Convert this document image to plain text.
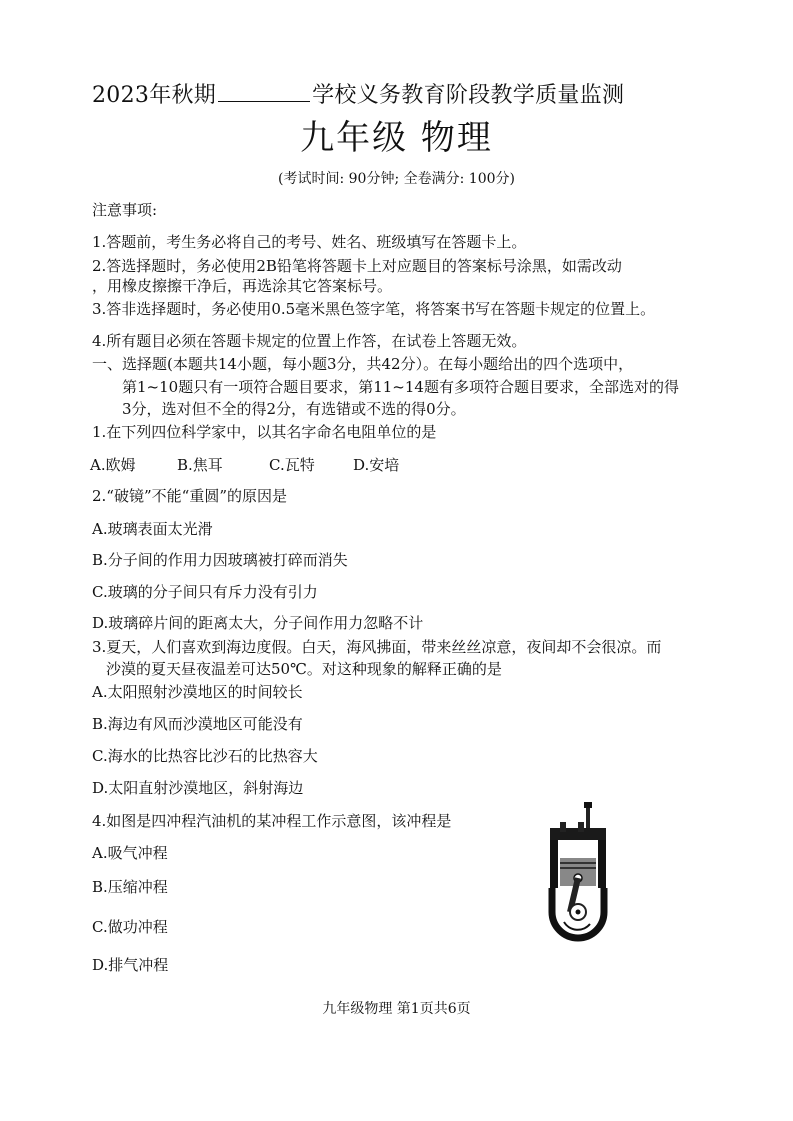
2023年秋期	学校义务教育阶段教学质量监测
九年级 物理
(考试时间: 90分钟; 全卷满分: 100分)
注意事项:
1.答题前，考生务必将自己的考号、姓名、班级填写在答题卡上。
2.答选择题时，务必使用2B铅笔将答题卡上对应题目的答案标号涂黑，如需改动
，用橡皮擦擦干净后，再选涂其它答案标号。
3.答非选择题时，务必使用0.5毫米黑色签字笔，将答案书写在答题卡规定的位置上。
4.所有题目必须在答题卡规定的位置上作答，在试卷上答题无效。
一、选择题(本题共14小题，每小题3分，共42分）。在每小题给出的四个选项中，
第1~10题只有一项符合题目要求，第11~14题有多项符合题目要求，全部选对的得
3分，选对但不全的得2分，有选错或不选的得0分。
1.在下列四位科学家中，以其名字命名电阻单位的是
A.欧姆	B.焦耳	C.瓦特	D.安培
2.“破镜”不能“重圆”的原因是
A.玻璃表面太光滑
B.分子间的作用力因玻璃被打碎而消失
C.玻璃的分子间只有斥力没有引力
D.玻璃碎片间的距离太大，分子间作用力忽略不计
3.夏天，人们喜欢到海边度假。白天，海风拂面，带来丝丝凉意，夜间却不会很凉。而
沙漠的夏天昼夜温差可达50℃。对这种现象的解释正确的是
A.太阳照射沙漠地区的时间较长
B.海边有风而沙漠地区可能没有
C.海水的比热容比沙石的比热容大
D.太阳直射沙漠地区，斜射海边
4.如图是四冲程汽油机的某冲程工作示意图，该冲程是
A.吸气冲程
B.压缩冲程
C.做功冲程
D.排气冲程
九年级物理 第1页共6页
